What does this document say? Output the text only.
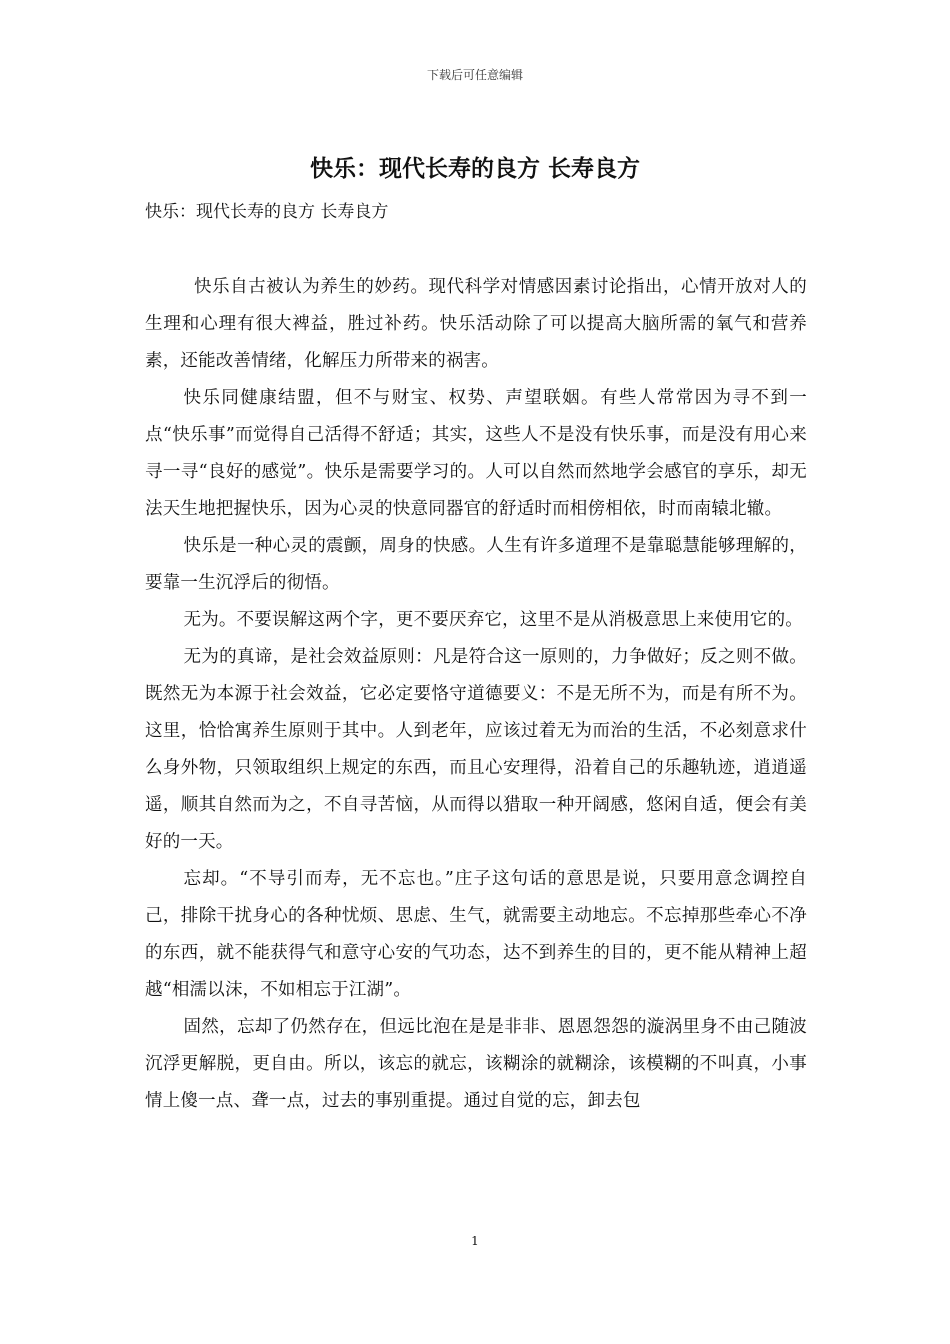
下载后可任意编辑
快乐：现代长寿的良方 长寿良方
快乐：现代长寿的良方 长寿良方

快乐自古被认为养生的妙药。现代科学对情感因素讨论指出，心情开放对人的生理和心理有很大裨益，胜过补药。快乐活动除了可以提高大脑所需的氧气和营养素，还能改善情绪，化解压力所带来的祸害。

快乐同健康结盟，但不与财宝、权势、声望联姻。有些人常常因为寻不到一点“快乐事”而觉得自己活得不舒适；其实，这些人不是没有快乐事，而是没有用心来寻一寻“良好的感觉”。快乐是需要学习的。人可以自然而然地学会感官的享乐，却无法天生地把握快乐，因为心灵的快意同器官的舒适时而相傍相依，时而南辕北辙。

快乐是一种心灵的震颤，周身的快感。人生有许多道理不是靠聪慧能够理解的，要靠一生沉浮后的彻悟。

无为。不要误解这两个字，更不要厌弃它，这里不是从消极意思上来使用它的。

无为的真谛，是社会效益原则：凡是符合这一原则的，力争做好；反之则不做。既然无为本源于社会效益，它必定要恪守道德要义：不是无所不为，而是有所不为。这里，恰恰寓养生原则于其中。人到老年，应该过着无为而治的生活，不必刻意求什么身外物，只领取组织上规定的东西，而且心安理得，沿着自己的乐趣轨迹，逍逍遥遥，顺其自然而为之，不自寻苦恼，从而得以猎取一种开阔感，悠闲自适，便会有美好的一天。

忘却。“不导引而寿，无不忘也。”庄子这句话的意思是说，只要用意念调控自己，排除干扰身心的各种忧烦、思虑、生气，就需要主动地忘。不忘掉那些牵心不净的东西，就不能获得气和意守心安的气功态，达不到养生的目的，更不能从精神上超越“相濡以沫，不如相忘于江湖”。

固然，忘却了仍然存在，但远比泡在是是非非、恩恩怨怨的漩涡里身不由己随波沉浮更解脱，更自由。所以，该忘的就忘，该糊涂的就糊涂，该模糊的不叫真，小事情上傻一点、聋一点，过去的事别重提。通过自觉的忘，卸去包

1
